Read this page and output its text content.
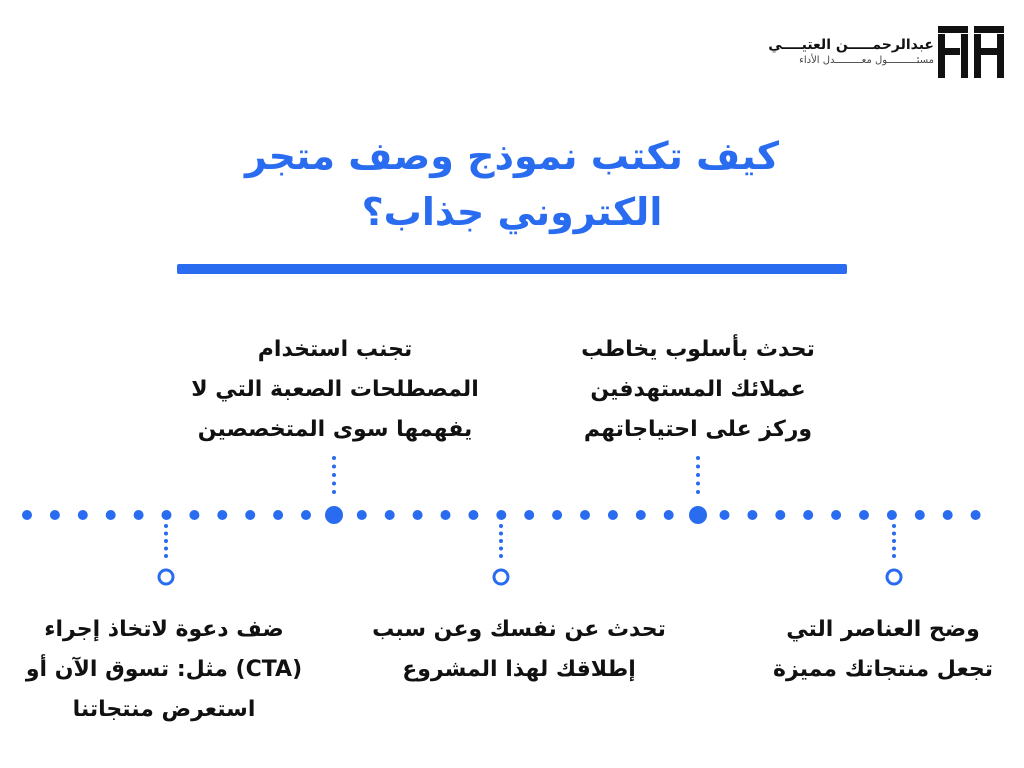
عبدالرحمـــــن العتيــــي
مسئــــــــــول معـــــــــدل الأداء
كيف تكتب نموذج وصف متجر
الكتروني جذاب؟
تحدث بأسلوب يخاطب
عملائك المستهدفين
وركز على احتياجاتهم
تجنب استخدام
المصطلحات الصعبة التي لا
يفهمها سوى المتخصصين
وضح العناصر التي
تجعل منتجاتك مميزة
تحدث عن نفسك وعن سبب
إطلاقك لهذا المشروع
ضف دعوة لاتخاذ إجراء
(CTA) مثل: تسوق الآن أو
استعرض منتجاتنا
